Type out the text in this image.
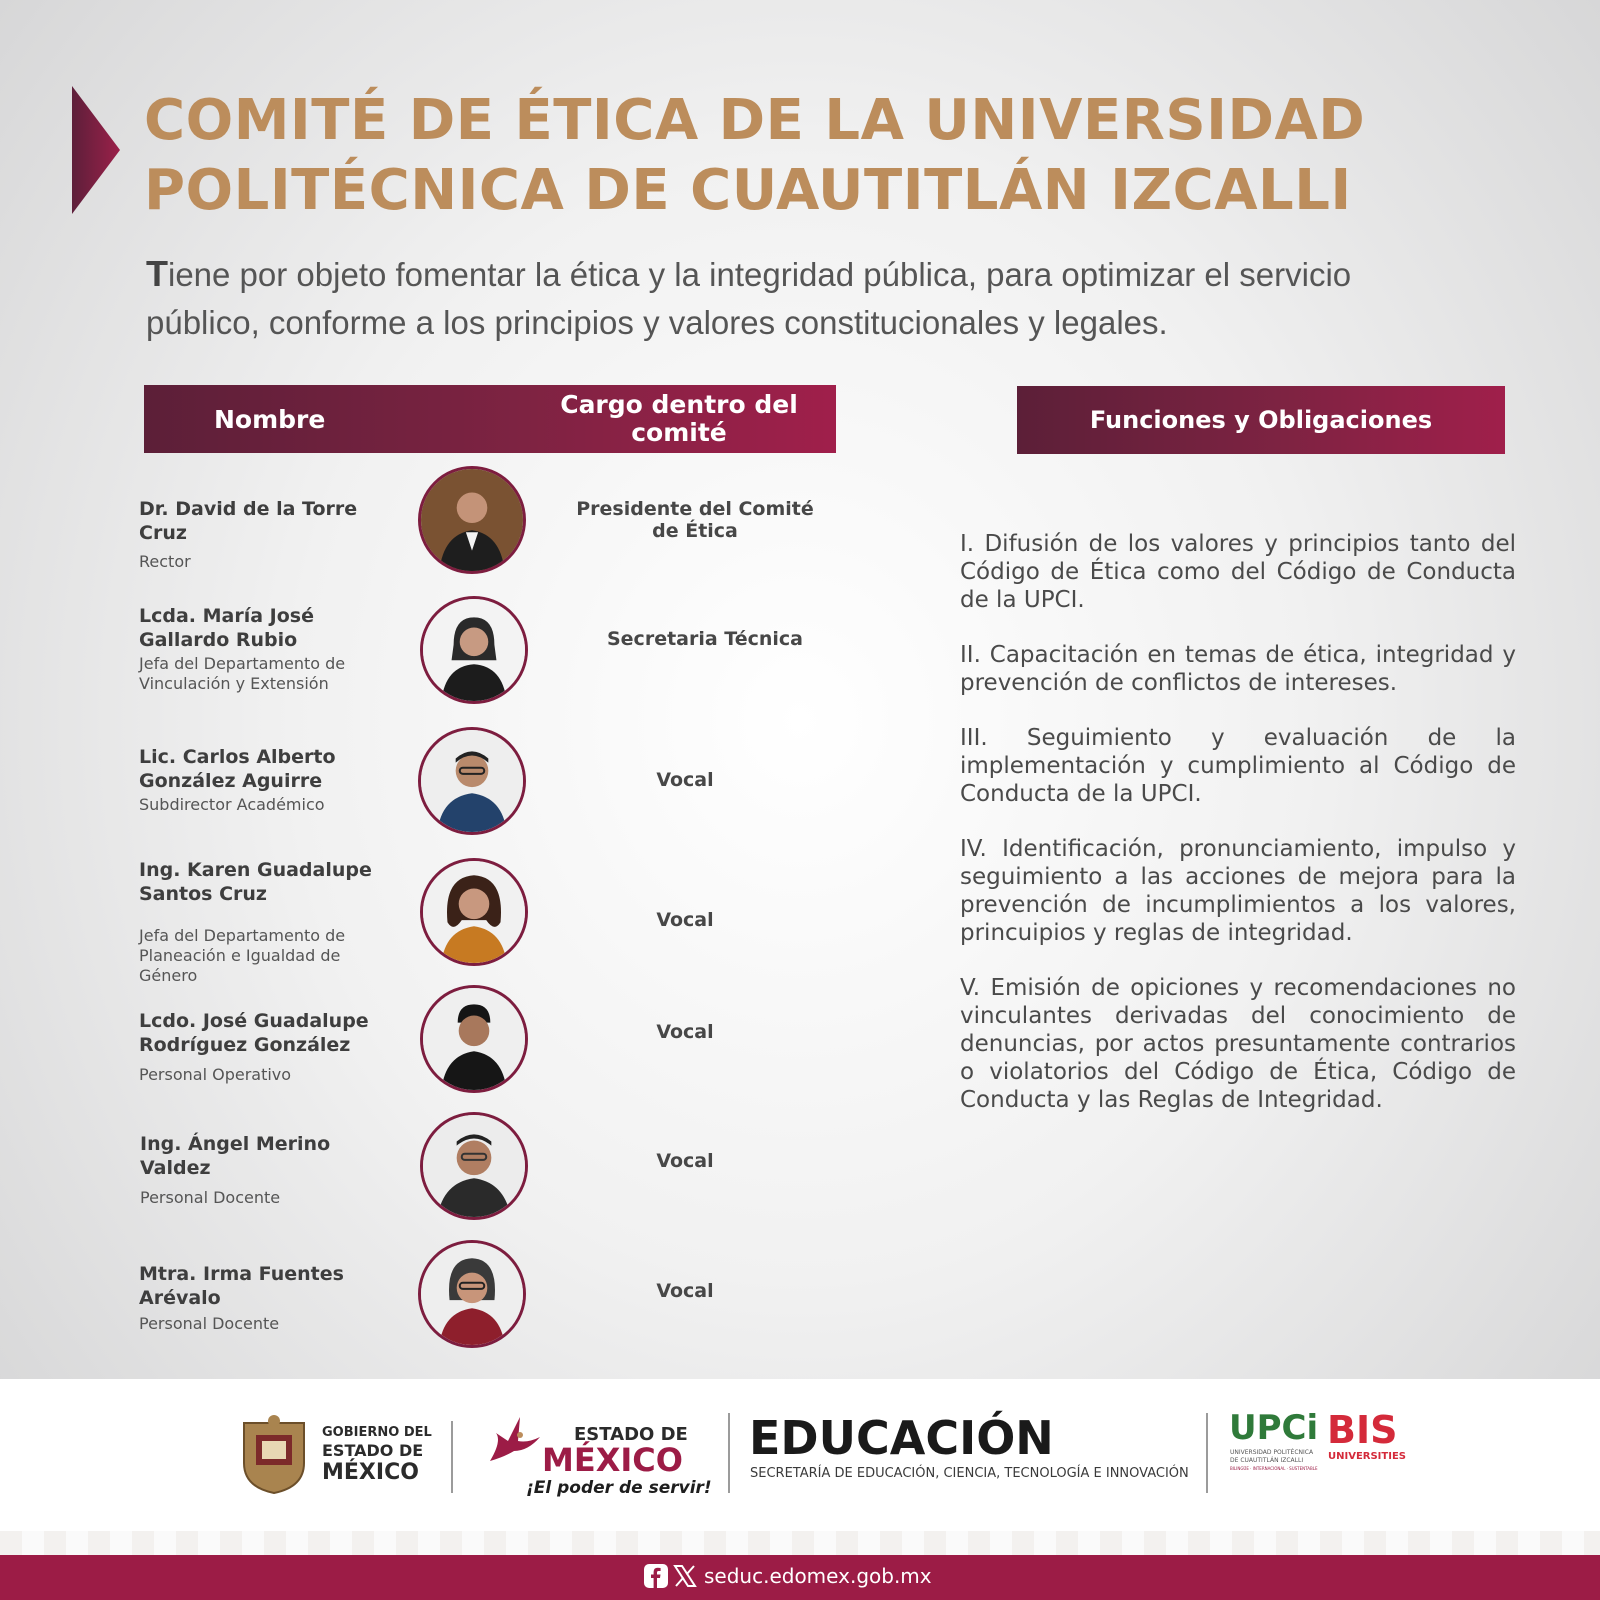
COMITÉ DE ÉTICA DE LA UNIVERSIDAD
POLITÉCNICA DE CUAUTITLÁN IZCALLI

Tiene por objeto fomentar la ética y la integridad pública, para optimizar el servicio público, conforme a los principios y valores constitucionales y legales.

Nombre
Cargo dentro del comité	Funciones y Obligaciones
Dr. David de la Torre Cruz
Rector
Presidente del Comité de Ética
Lcda. María José Gallardo Rubio
Jefa del Departamento de Vinculación y Extensión
Secretaria Técnica
Lic. Carlos Alberto González Aguirre
Subdirector Académico
Vocal
Ing. Karen Guadalupe Santos Cruz
Jefa del Departamento de Planeación e Igualdad de Género
Vocal
Lcdo. José Guadalupe Rodríguez González
Personal Operativo
Vocal
Ing. Ángel Merino Valdez
Personal Docente
Vocal
Mtra. Irma Fuentes Arévalo
Personal Docente
Vocal

I. Difusión de los valores y principios tanto del Código de Ética como del Código de Conducta de la UPCI.

II. Capacitación en temas de ética, integridad y prevención de conflictos de intereses.

III. Seguimiento y evaluación de la implementación y cumplimiento al Código de Conducta de la UPCI.

IV. Identificación, pronunciamiento, impulso y seguimiento a las acciones de mejora para la prevención de incumplimientos a los valores, princuipios y reglas de integridad.

V. Emisión de opiciones y recomendaciones no vinculantes derivadas del conocimiento de denuncias, por actos presuntamente contrarios o violatorios del Código de Ética, Código de Conducta y las Reglas de Integridad.

GOBIERNO DEL
ESTADO DE
MÉXICO
ESTADO DE
MÉXICO
¡El poder de servir!
EDUCACIÓN
SECRETARÍA DE EDUCACIÓN, CIENCIA, TECNOLOGÍA E INNOVACIÓN
UPCi
UNIVERSIDAD POLITÉCNICA
DE CUAUTITLÁN IZCALLI
BILINGÜE · INTERNACIONAL · SUSTENTABLE
BIS
UNIVERSITIES
seduc.edomex.gob.mx
